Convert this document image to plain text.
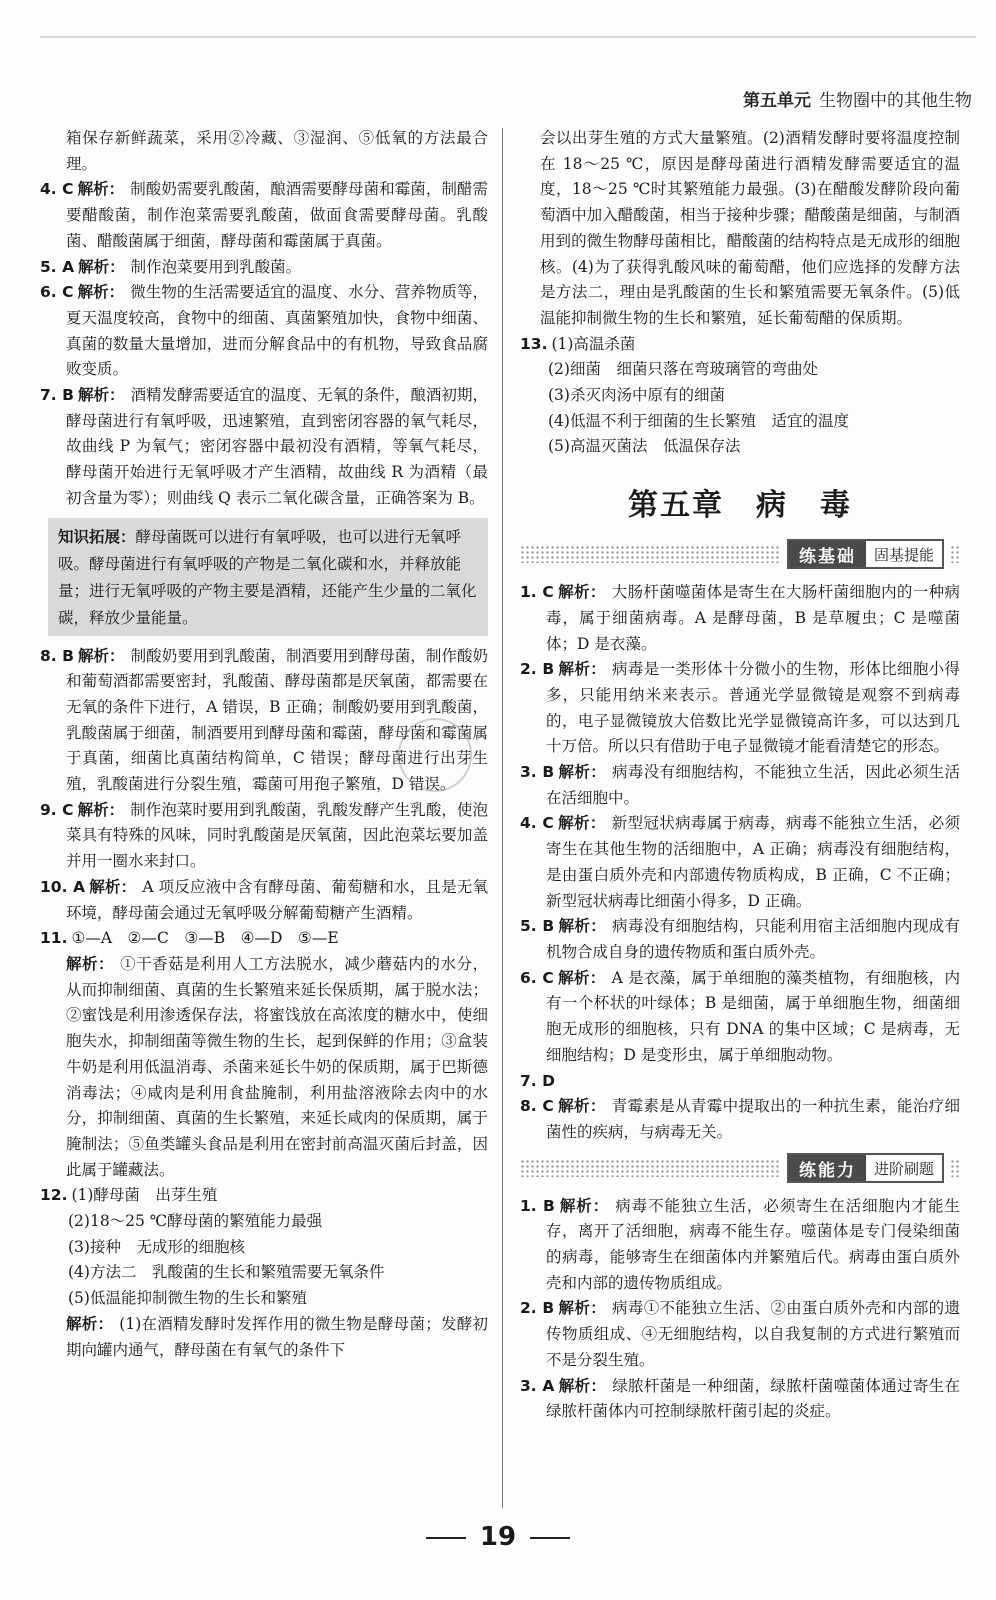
第五单元 生物圈中的其他生物

箱保存新鲜蔬菜，采用②冷藏、③湿润、⑤低氧的方法最合理。

4. C 解析： 制酸奶需要乳酸菌，酿酒需要酵母菌和霉菌，制醋需要醋酸菌，制作泡菜需要乳酸菌，做面食需要酵母菌。乳酸菌、醋酸菌属于细菌，酵母菌和霉菌属于真菌。

5. A 解析： 制作泡菜要用到乳酸菌。

6. C 解析： 微生物的生活需要适宜的温度、水分、营养物质等，夏天温度较高，食物中的细菌、真菌繁殖加快，食物中细菌、真菌的数量大量增加，进而分解食品中的有机物，导致食品腐败变质。

7. B 解析： 酒精发酵需要适宜的温度、无氧的条件，酿酒初期，酵母菌进行有氧呼吸，迅速繁殖，直到密闭容器的氧气耗尽，故曲线 P 为氧气；密闭容器中最初没有酒精，等氧气耗尽，酵母菌开始进行无氧呼吸才产生酒精，故曲线 R 为酒精（最初含量为零）；则曲线 Q 表示二氧化碳含量，正确答案为 B。

知识拓展：酵母菌既可以进行有氧呼吸，也可以进行无氧呼吸。酵母菌进行有氧呼吸的产物是二氧化碳和水，并释放能量；进行无氧呼吸的产物主要是酒精，还能产生少量的二氧化碳，释放少量能量。

8. B 解析： 制酸奶要用到乳酸菌，制酒要用到酵母菌，制作酸奶和葡萄酒都需要密封，乳酸菌、酵母菌都是厌氧菌，都需要在无氧的条件下进行，A 错误，B 正确；制酸奶要用到乳酸菌，乳酸菌属于细菌，制酒要用到酵母菌和霉菌，酵母菌和霉菌属于真菌，细菌比真菌结构简单，C 错误；酵母菌进行出芽生殖，乳酸菌进行分裂生殖，霉菌可用孢子繁殖，D 错误。

9. C 解析： 制作泡菜时要用到乳酸菌，乳酸发酵产生乳酸，使泡菜具有特殊的风味，同时乳酸菌是厌氧菌，因此泡菜坛要加盖并用一圈水来封口。

10. A 解析： A 项反应液中含有酵母菌、葡萄糖和水，且是无氧环境，酵母菌会通过无氧呼吸分解葡萄糖产生酒精。

11. ①—A　②—C　③—B　④—D　⑤—E

解析： ①干香菇是利用人工方法脱水，减少蘑菇内的水分，从而抑制细菌、真菌的生长繁殖来延长保质期，属于脱水法；②蜜饯是利用渗透保存法，将蜜饯放在高浓度的糖水中，使细胞失水，抑制细菌等微生物的生长，起到保鲜的作用；③盒装牛奶是利用低温消毒、杀菌来延长牛奶的保质期，属于巴斯德消毒法；④咸肉是利用食盐腌制，利用盐溶液除去肉中的水分，抑制细菌、真菌的生长繁殖，来延长咸肉的保质期，属于腌制法；⑤鱼类罐头食品是利用在密封前高温灭菌后封盖，因此属于罐藏法。

12. (1)酵母菌　出芽生殖

(2)18～25 ℃酵母菌的繁殖能力最强

(3)接种　无成形的细胞核

(4)方法二　乳酸菌的生长和繁殖需要无氧条件

(5)低温能抑制微生物的生长和繁殖

解析： (1)在酒精发酵时发挥作用的微生物是酵母菌；发酵初期向罐内通气，酵母菌在有氧气的条件下

会以出芽生殖的方式大量繁殖。(2)酒精发酵时要将温度控制在 18～25 ℃，原因是酵母菌进行酒精发酵需要适宜的温度，18～25 ℃时其繁殖能力最强。(3)在醋酸发酵阶段向葡萄酒中加入醋酸菌，相当于接种步骤；醋酸菌是细菌，与制酒用到的微生物酵母菌相比，醋酸菌的结构特点是无成形的细胞核。(4)为了获得乳酸风味的葡萄醋，他们应选择的发酵方法是方法二，理由是乳酸菌的生长和繁殖需要无氧条件。(5)低温能抑制微生物的生长和繁殖，延长葡萄醋的保质期。

13. (1)高温杀菌

(2)细菌　细菌只落在弯玻璃管的弯曲处

(3)杀灭肉汤中原有的细菌

(4)低温不利于细菌的生长繁殖　适宜的温度

(5)高温灭菌法　低温保存法

第五章　病　毒
练基础	固基提能

1. C 解析： 大肠杆菌噬菌体是寄生在大肠杆菌细胞内的一种病毒，属于细菌病毒。A 是酵母菌，B 是草履虫；C 是噬菌体；D 是衣藻。

2. B 解析： 病毒是一类形体十分微小的生物，形体比细胞小得多，只能用纳米来表示。普通光学显微镜是观察不到病毒的，电子显微镜放大倍数比光学显微镜高许多，可以达到几十万倍。所以只有借助于电子显微镜才能看清楚它的形态。

3. B 解析： 病毒没有细胞结构，不能独立生活，因此必须生活在活细胞中。

4. C 解析： 新型冠状病毒属于病毒，病毒不能独立生活，必须寄生在其他生物的活细胞中，A 正确；病毒没有细胞结构，是由蛋白质外壳和内部遗传物质构成，B 正确，C 不正确；新型冠状病毒比细菌小得多，D 正确。

5. B 解析： 病毒没有细胞结构，只能利用宿主活细胞内现成有机物合成自身的遗传物质和蛋白质外壳。

6. C 解析： A 是衣藻，属于单细胞的藻类植物，有细胞核，内有一个杯状的叶绿体；B 是细菌，属于单细胞生物，细菌细胞无成形的细胞核，只有 DNA 的集中区域；C 是病毒，无细胞结构；D 是变形虫，属于单细胞动物。

7. D

8. C 解析： 青霉素是从青霉中提取出的一种抗生素，能治疗细菌性的疾病，与病毒无关。

练能力	进阶刷题

1. B 解析： 病毒不能独立生活，必须寄生在活细胞内才能生存，离开了活细胞，病毒不能生存。噬菌体是专门侵染细菌的病毒，能够寄生在细菌体内并繁殖后代。病毒由蛋白质外壳和内部的遗传物质组成。

2. B 解析： 病毒①不能独立生活、②由蛋白质外壳和内部的遗传物质组成、④无细胞结构，以自我复制的方式进行繁殖而不是分裂生殖。

3. A 解析： 绿脓杆菌是一种细菌，绿脓杆菌噬菌体通过寄生在绿脓杆菌体内可控制绿脓杆菌引起的炎症。

19
